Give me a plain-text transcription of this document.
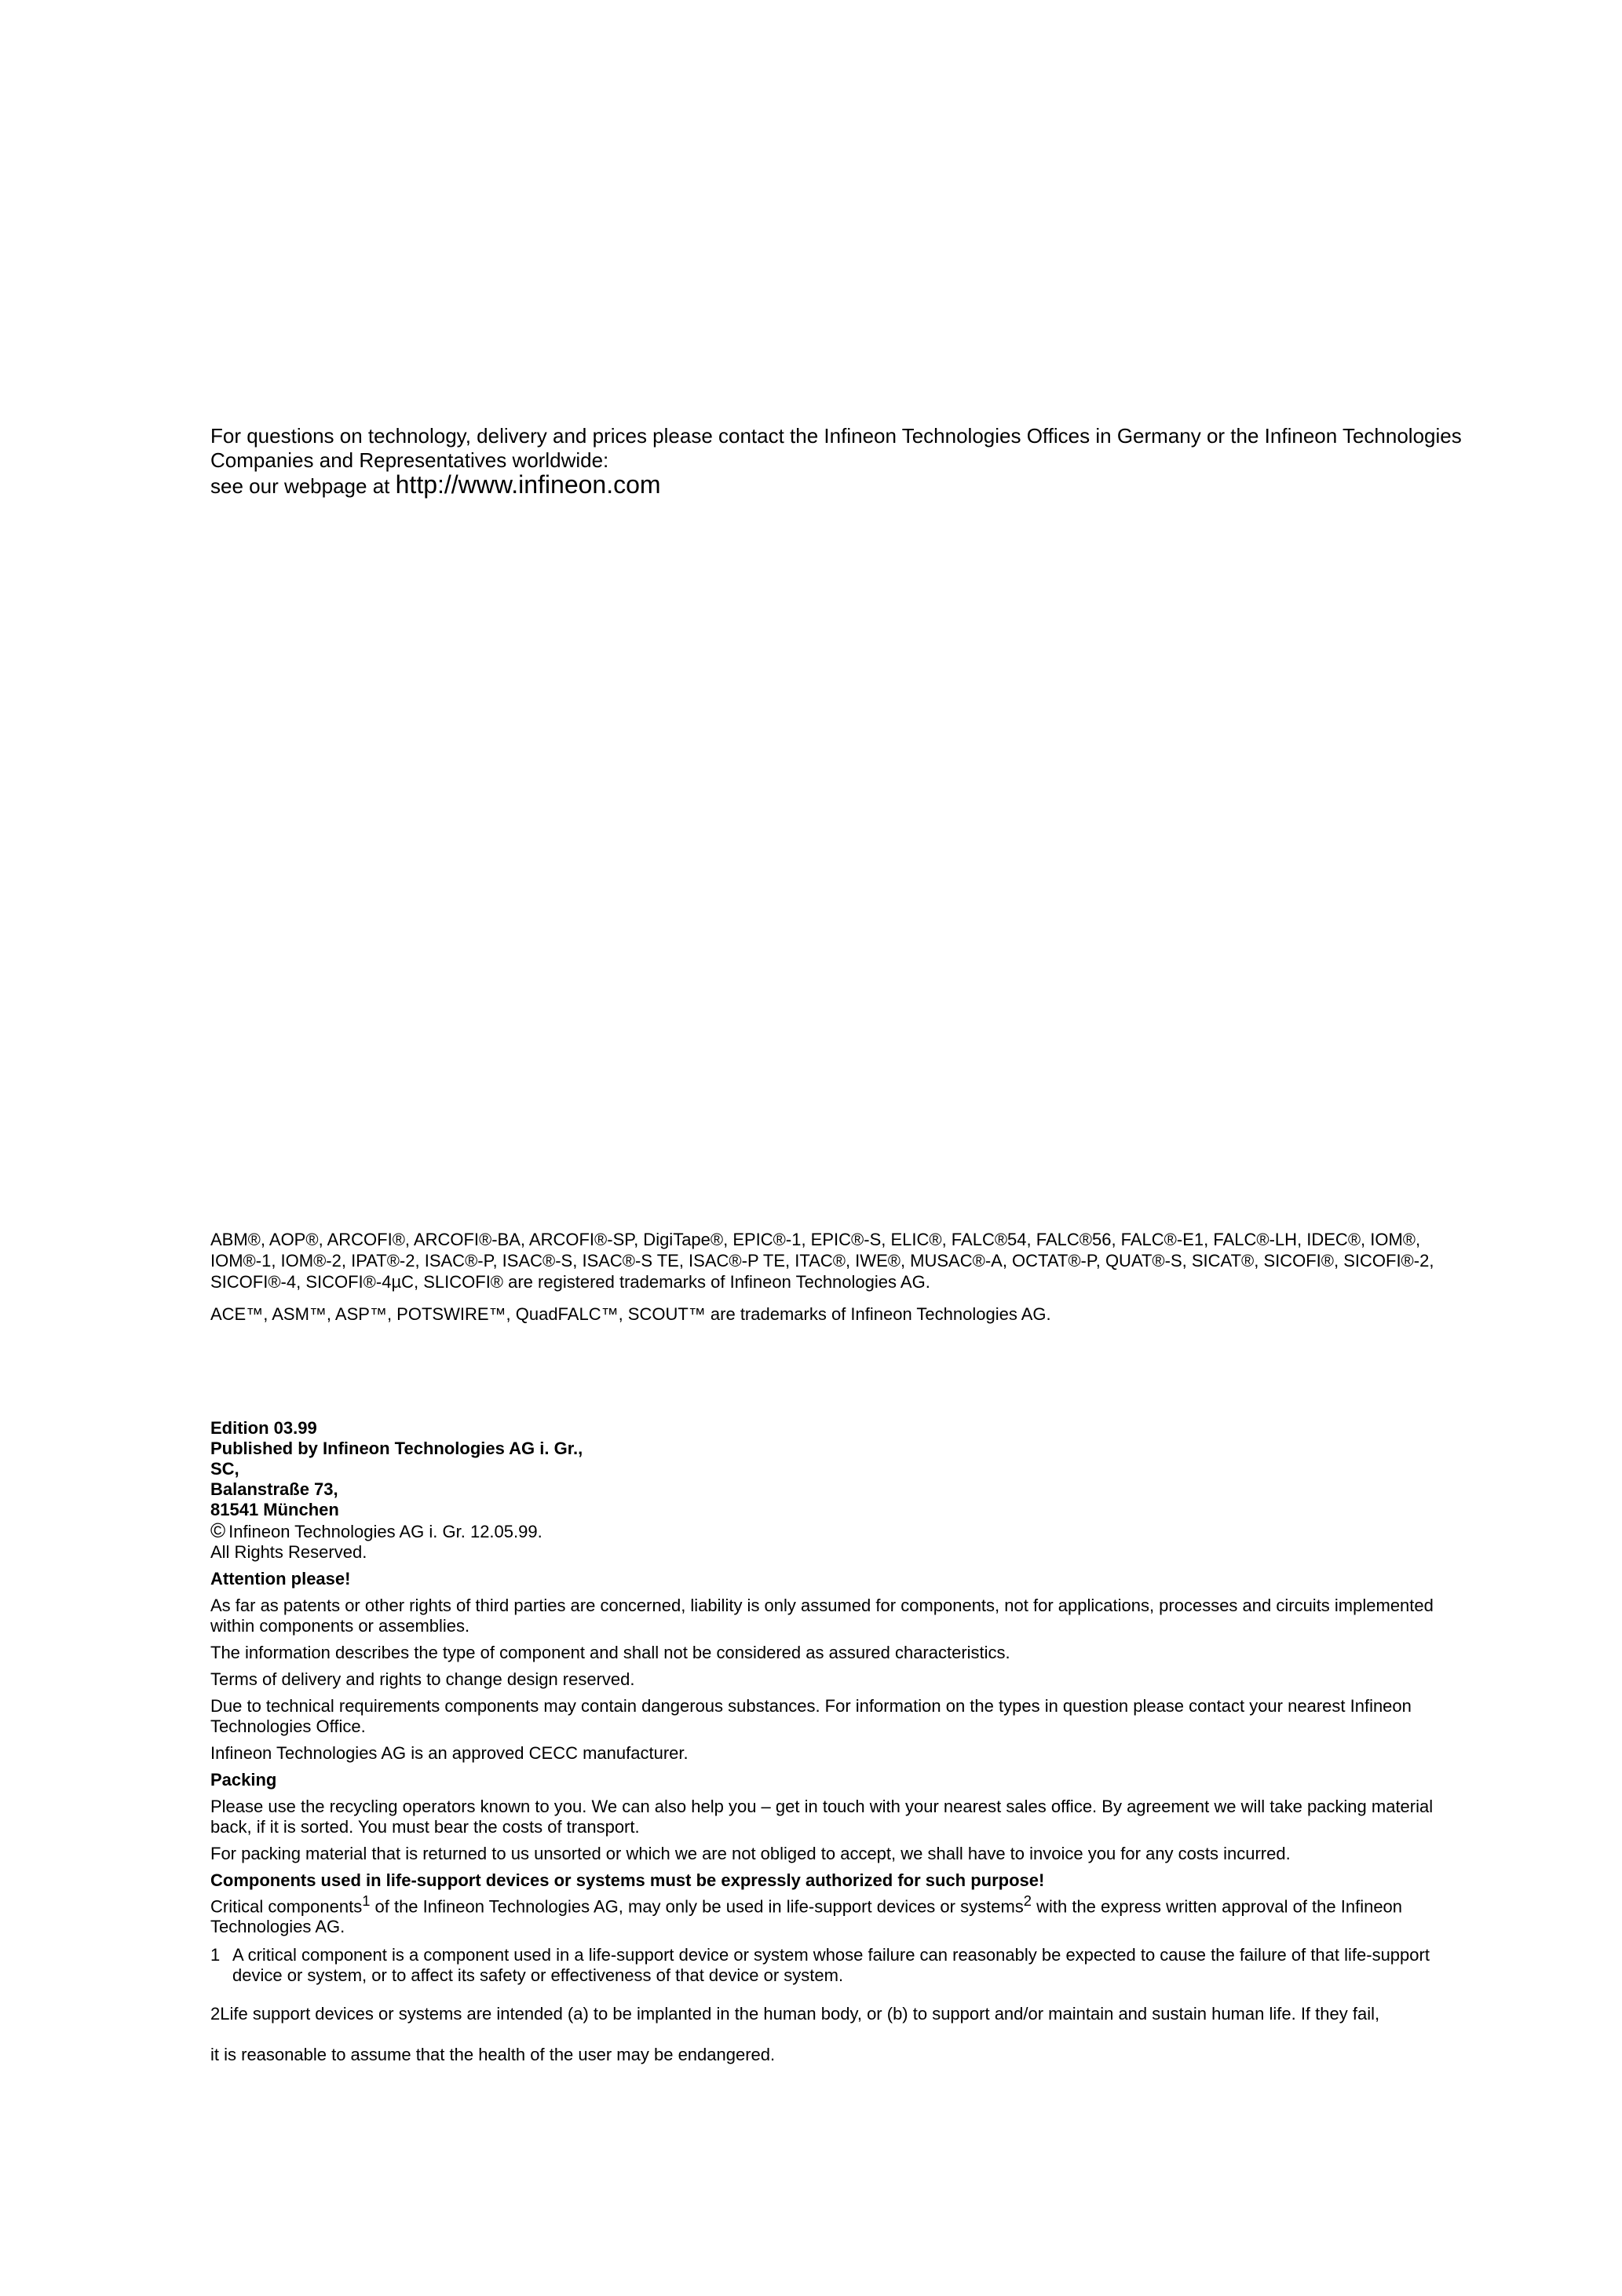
For questions on technology, delivery and prices please contact the Infineon Technologies Offices in Germany or the Infineon Technologies Companies and Representatives worldwide:
see our webpage at http://www.infineon.com

ABM®, AOP®, ARCOFI®, ARCOFI®-BA, ARCOFI®-SP, DigiTape®, EPIC®-1, EPIC®-S, ELIC®, FALC®54, FALC®56, FALC®-E1, FALC®-LH, IDEC®, IOM®, IOM®-1, IOM®-2, IPAT®-2, ISAC®-P, ISAC®-S, ISAC®-S TE, ISAC®-P TE, ITAC®, IWE®, MUSAC®-A, OCTAT®-P, QUAT®-S, SICAT®, SICOFI®, SICOFI®-2, SICOFI®-4, SICOFI®-4µC, SLICOFI® are registered trademarks of Infineon Technologies AG.

ACE™, ASM™, ASP™, POTSWIRE™, QuadFALC™, SCOUT™ are trademarks of Infineon Technologies AG.

Edition 03.99

Published by Infineon Technologies AG i. Gr.,

SC,

Balanstraße 73,

81541 München

© Infineon Technologies AG i. Gr. 12.05.99.

All Rights Reserved.

Attention please!

As far as patents or other rights of third parties are concerned, liability is only assumed for components, not for applications, processes and circuits implemented within components or assemblies.

The information describes the type of component and shall not be considered as assured characteristics.

Terms of delivery and rights to change design reserved.

Due to technical requirements components may contain dangerous substances. For information on the types in question please contact your nearest Infineon Technologies Office.

Infineon Technologies AG is an approved CECC manufacturer.

Packing

Please use the recycling operators known to you. We can also help you – get in touch with your nearest sales office. By agreement we will take packing material back, if it is sorted. You must bear the costs of transport.

For packing material that is returned to us unsorted or which we are not obliged to accept, we shall have to invoice you for any costs incurred.

Components used in life-support devices or systems must be expressly authorized for such purpose!

Critical components$^1$ of the Infineon Technologies AG, may only be used in life-support devices or systems$^2$ with the express written approval of the Infineon Technologies AG.

1 A critical component is a component used in a life-support device or system whose failure can reasonably be expected to cause the failure of that life-support device or system, or to affect its safety or effectiveness of that device or system.
2Life support devices or systems are intended (a) to be implanted in the human body, or (b) to support and/or maintain and sustain human life. If they fail,
it is reasonable to assume that the health of the user may be endangered.
